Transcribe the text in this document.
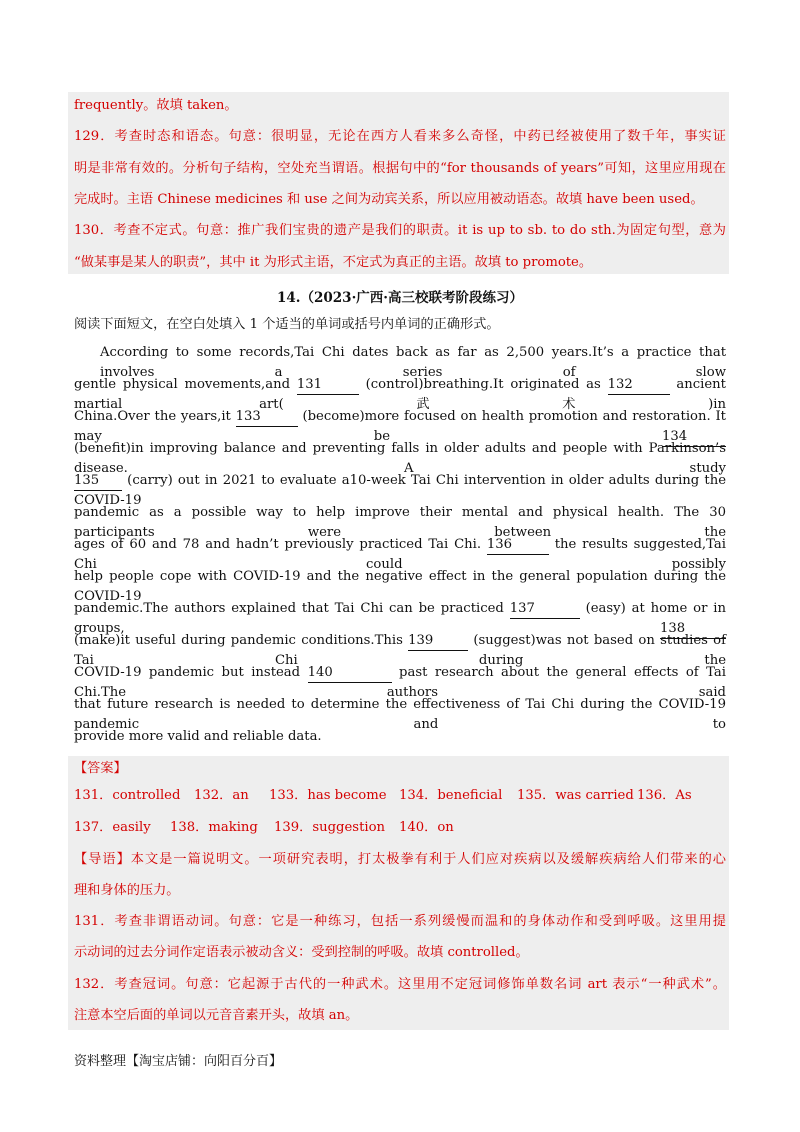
frequently。故填 taken。
129．考查时态和语态。句意：很明显，无论在西方人看来多么奇怪，中药已经被使用了数千年，事实证
明是非常有效的。分析句子结构，空处充当谓语。根据句中的“for thousands of years”可知，这里应用现在
完成时。主语 Chinese medicines 和 use 之间为动宾关系，所以应用被动语态。故填 have been used。
130．考查不定式。句意：推广我们宝贵的遗产是我们的职责。it is up to sb. to do sth.为固定句型，意为
“做某事是某人的职责”，其中 it 为形式主语，不定式为真正的主语。故填 to promote。
14.（2023·广西·高三校联考阶段练习）
阅读下面短文，在空白处填入 1 个适当的单词或括号内单词的正确形式。
According to some records,Tai Chi dates back as far as 2,500 years.It’s a practice that involves a series of slow
gentle physical movements,and 131	(control)breathing.It originated as 132	ancient martial art(武术)in
China.Over the years,it 133	(become)more focused on health promotion and restoration. It may be	134
(benefit)in improving balance and preventing falls in older adults and people with Parkinson’s disease. A study
135 (carry) out in 2021 to evaluate a10-week Tai Chi intervention in older adults during the COVID-19
pandemic as a possible way to help improve their mental and physical health. The 30 participants were between the
ages of 60 and 78 and hadn’t previously practiced Tai Chi. 136	the results suggested,Tai Chi could possibly
help people cope with COVID-19 and the negative effect in the general population during the COVID-19
pandemic.The authors explained that Tai Chi can be practiced 137	(easy) at home or in groups,	138
(make)it useful during pandemic conditions.This 139	(suggest)was not based on studies of Tai Chi during the
COVID-19 pandemic but instead 140	past research about the general effects of Tai Chi.The authors said
that future research is needed to determine the effectiveness of Tai Chi during the COVID-19 pandemic and to
provide more valid and reliable data.
【答案】
131．controlled 132．an 133．has become 134．beneficial 135．was carried 136．As
137．easily 138．making 139．suggestion 140．on
【导语】本文是一篇说明文。一项研究表明，打太极拳有利于人们应对疾病以及缓解疾病给人们带来的心
理和身体的压力。
131．考查非谓语动词。句意：它是一种练习，包括一系列缓慢而温和的身体动作和受到呼吸。这里用提
示动词的过去分词作定语表示被动含义：受到控制的呼吸。故填 controlled。
132．考查冠词。句意：它起源于古代的一种武术。这里用不定冠词修饰单数名词 art 表示“一种武术”。
注意本空后面的单词以元音音素开头，故填 an。
资料整理【淘宝店铺：向阳百分百】
